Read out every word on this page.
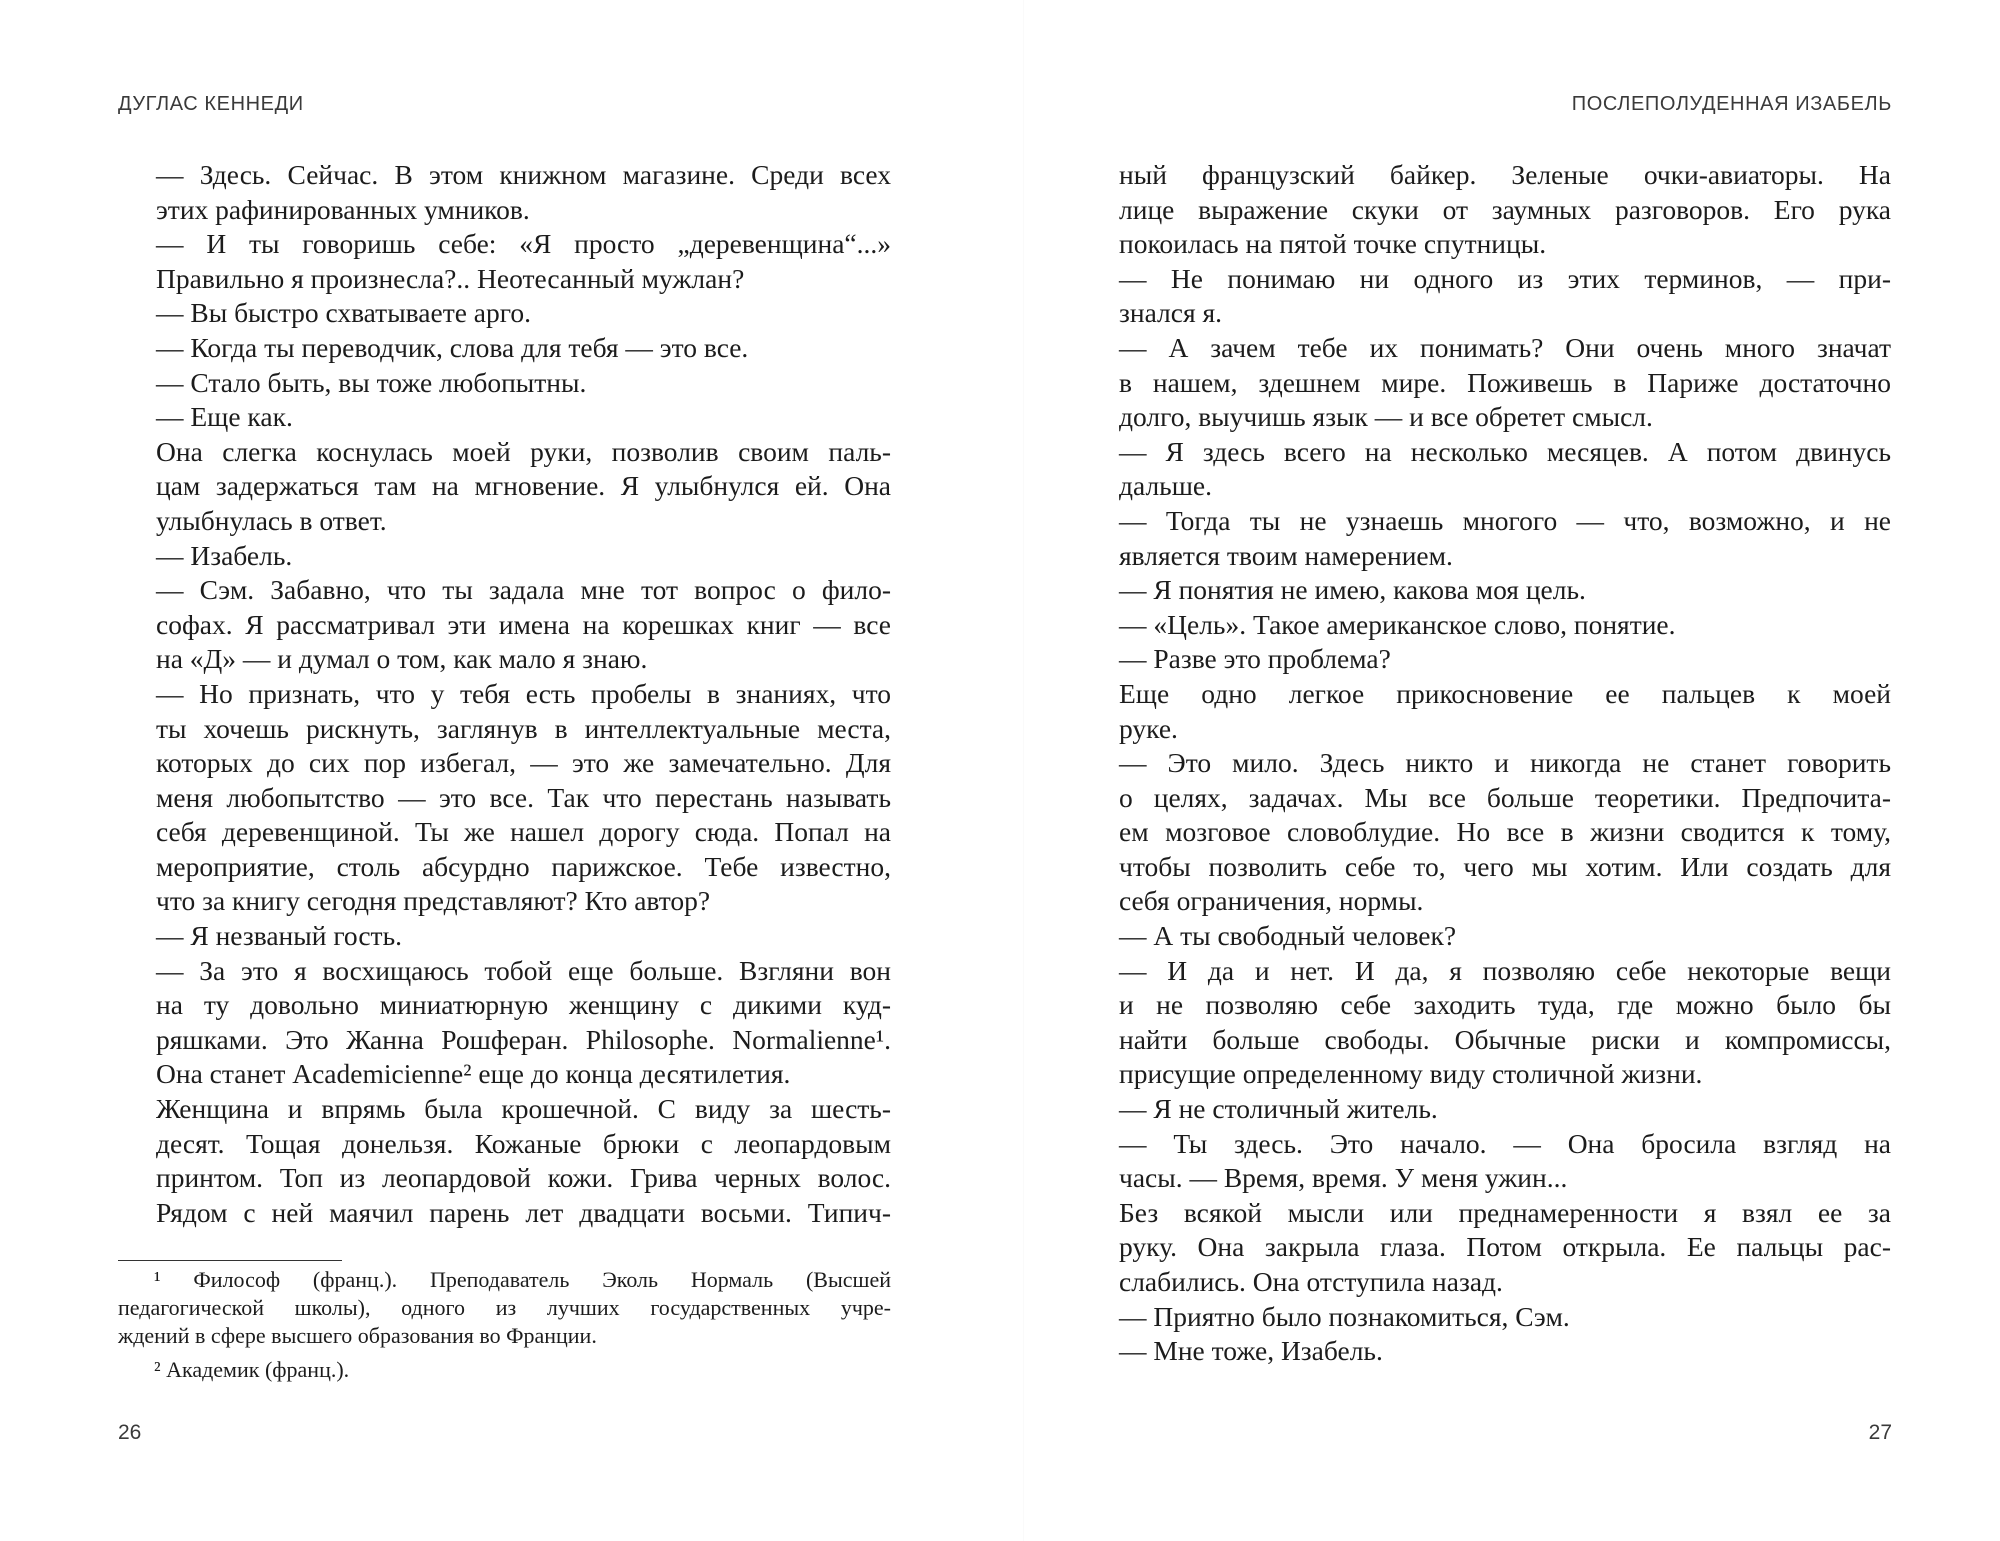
ДУГЛАС КЕННЕДИ
— Здесь. Сейчас. В этом книжном магазине. Среди всех
этих рафинированных умников.
— И ты говоришь себе: «Я просто „деревенщина“...»
Правильно я произнесла?.. Неотесанный мужлан?
— Вы быстро схватываете арго.
— Когда ты переводчик, слова для тебя — это все.
— Стало быть, вы тоже любопытны.
— Еще как.
Она слегка коснулась моей руки, позволив своим паль-
цам задержаться там на мгновение. Я улыбнулся ей. Она
улыбнулась в ответ.
— Изабель.
— Сэм. Забавно, что ты задала мне тот вопрос о фило-
софах. Я рассматривал эти имена на корешках книг — все
на «Д» — и думал о том, как мало я знаю.
— Но признать, что у тебя есть пробелы в знаниях, что
ты хочешь рискнуть, заглянув в интеллектуальные места,
которых до сих пор избегал, — это же замечательно. Для
меня любопытство — это все. Так что перестань называть
себя деревенщиной. Ты же нашел дорогу сюда. Попал на
мероприятие, столь абсурдно парижское. Тебе известно,
что за книгу сегодня представляют? Кто автор?
— Я незваный гость.
— За это я восхищаюсь тобой еще больше. Взгляни вон
на ту довольно миниатюрную женщину с дикими куд-
ряшками. Это Жанна Рошферан. Philosophe. Normalienne¹.
Она станет Academicienne² еще до конца десятилетия.
Женщина и впрямь была крошечной. С виду за шесть-
десят. Тощая донельзя. Кожаные брюки с леопардовым
принтом. Топ из леопардовой кожи. Грива черных волос.
Рядом с ней маячил парень лет двадцати восьми. Типич-
¹ Философ (франц.). Преподаватель Эколь Нормаль (Высшей
педагогической школы), одного из лучших государственных учре-
ждений в сфере высшего образования во Франции.
² Академик (франц.).
26
ПОСЛЕПОЛУДЕННАЯ ИЗАБЕЛЬ
ный французский байкер. Зеленые очки-авиаторы. На
лице выражение скуки от заумных разговоров. Его рука
покоилась на пятой точке спутницы.
— Не понимаю ни одного из этих терминов, — при-
знался я.
— А зачем тебе их понимать? Они очень много значат
в нашем, здешнем мире. Поживешь в Париже достаточно
долго, выучишь язык — и все обретет смысл.
— Я здесь всего на несколько месяцев. А потом двинусь
дальше.
— Тогда ты не узнаешь многого — что, возможно, и не
является твоим намерением.
— Я понятия не имею, какова моя цель.
— «Цель». Такое американское слово, понятие.
— Разве это проблема?
Еще одно легкое прикосновение ее пальцев к моей
руке.
— Это мило. Здесь никто и никогда не станет говорить
о целях, задачах. Мы все больше теоретики. Предпочита-
ем мозговое словоблудие. Но все в жизни сводится к тому,
чтобы позволить себе то, чего мы хотим. Или создать для
себя ограничения, нормы.
— А ты свободный человек?
— И да и нет. И да, я позволяю себе некоторые вещи
и не позволяю себе заходить туда, где можно было бы
найти больше свободы. Обычные риски и компромиссы,
присущие определенному виду столичной жизни.
— Я не столичный житель.
— Ты здесь. Это начало. — Она бросила взгляд на
часы. — Время, время. У меня ужин...
Без всякой мысли или преднамеренности я взял ее за
руку. Она закрыла глаза. Потом открыла. Ее пальцы рас-
слабились. Она отступила назад.
— Приятно было познакомиться, Сэм.
— Мне тоже, Изабель.
27
